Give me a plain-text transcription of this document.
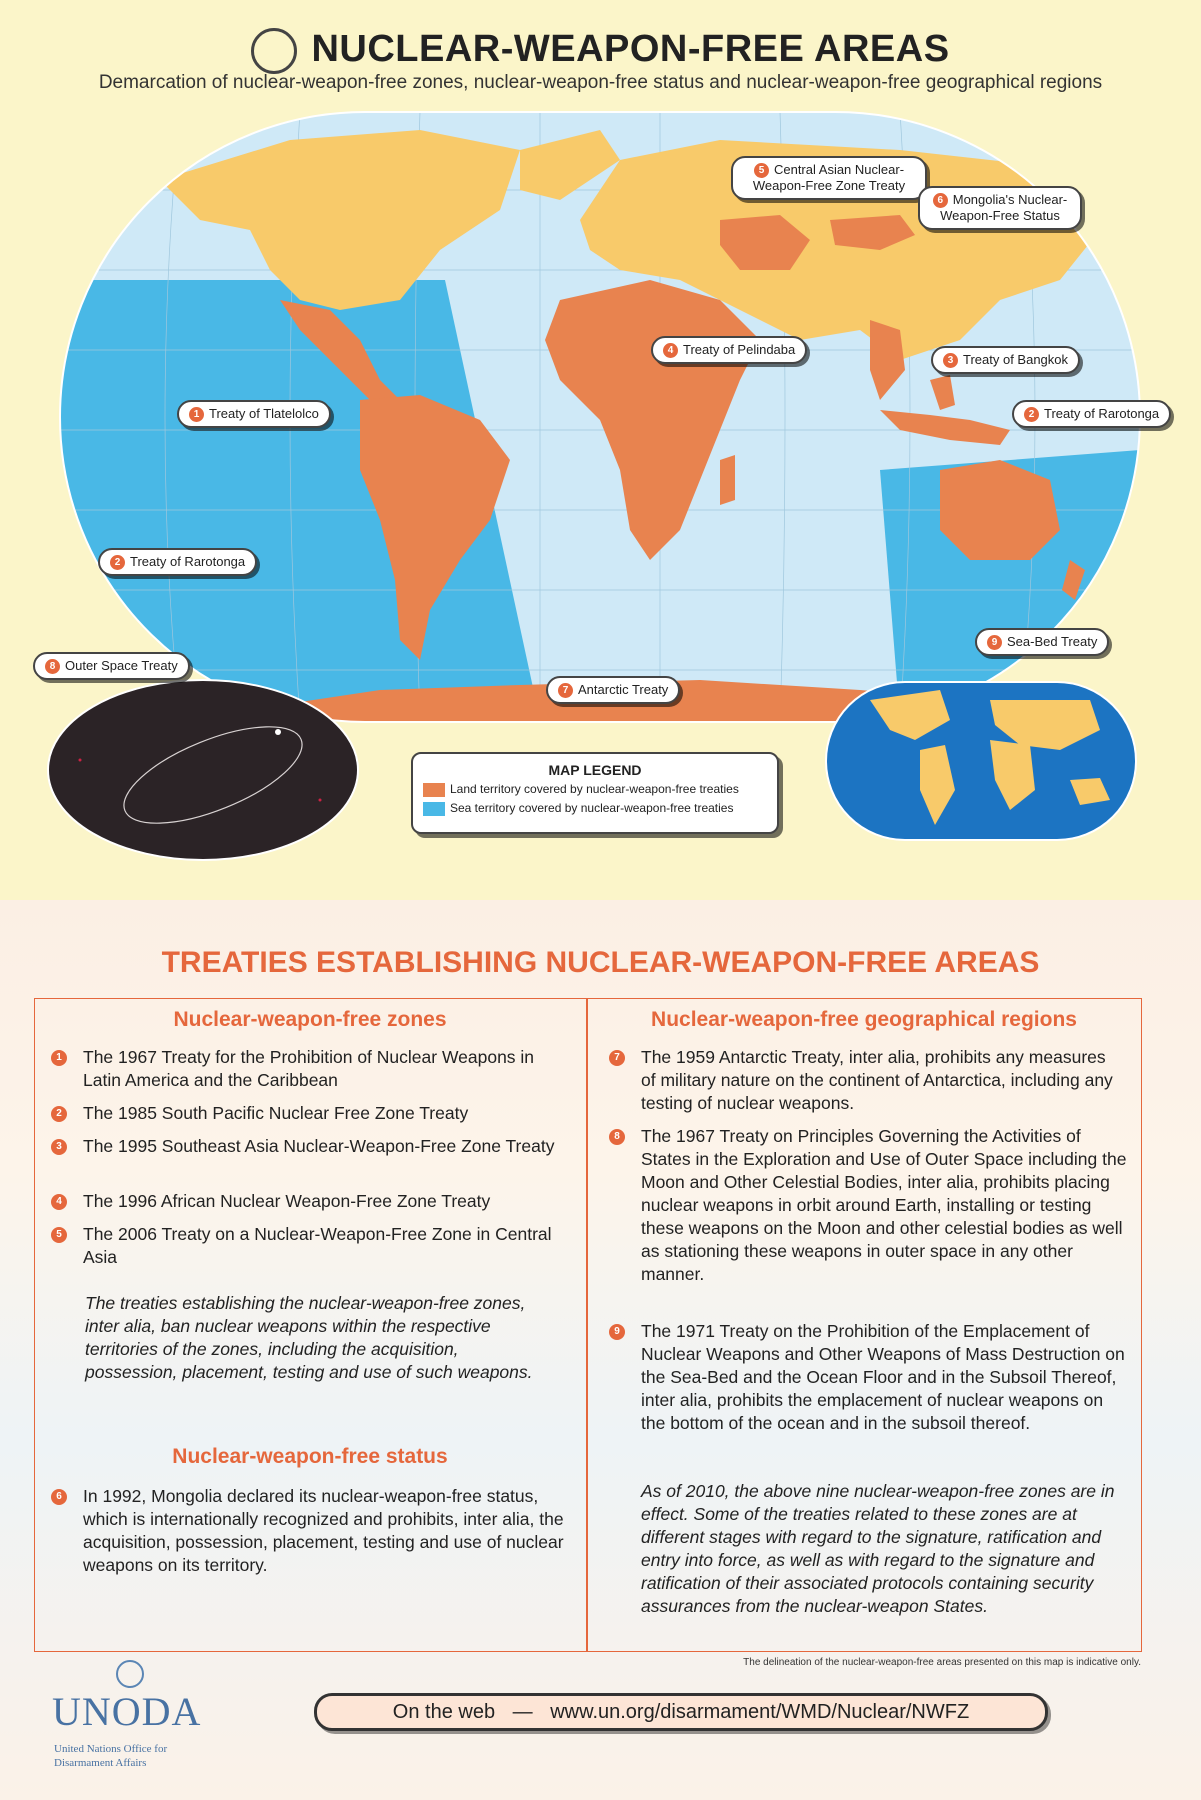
NUCLEAR-WEAPON-FREE AREAS
Demarcation of nuclear-weapon-free zones, nuclear-weapon-free status and nuclear-weapon-free geographical regions
5 Central Asian Nuclear-
Weapon-Free Zone Treaty
6 Mongolia's Nuclear-
Weapon-Free Status
4 Treaty of Pelindaba
3 Treaty of Bangkok
1 Treaty of Tlatelolco	2 Treaty of Rarotonga
2 Treaty of Rarotonga
8 Outer Space Treaty
7 Antarctic Treaty
9 Sea-Bed Treaty
MAP LEGEND
Land territory covered by nuclear-weapon-free treaties
Sea territory covered by nuclear-weapon-free treaties
TREATIES ESTABLISHING NUCLEAR-WEAPON-FREE AREAS
Nuclear-weapon-free zones
1 The 1967 Treaty for the Prohibition of Nuclear Weapons in Latin America and the Caribbean
2 The 1985 South Pacific Nuclear Free Zone Treaty
3 The 1995 Southeast Asia Nuclear-Weapon-Free Zone Treaty
4 The 1996 African Nuclear Weapon-Free Zone Treaty
5 The 2006 Treaty on a Nuclear-Weapon-Free Zone in Central Asia
The treaties establishing the nuclear-weapon-free zones, inter alia, ban nuclear weapons within the respective territories of the zones, including the acquisition, possession, placement, testing and use of such weapons.
Nuclear-weapon-free status
6 In 1992, Mongolia declared its nuclear-weapon-free status, which is internationally recognized and prohibits, inter alia, the acquisition, possession, placement, testing and use of nuclear weapons on its territory.
Nuclear-weapon-free geographical regions
7 The 1959 Antarctic Treaty, inter alia, prohibits any measures of military nature on the continent of Antarctica, including any testing of nuclear weapons.
8 The 1967 Treaty on Principles Governing the Activities of States in the Exploration and Use of Outer Space including the Moon and Other Celestial Bodies, inter alia, prohibits placing nuclear weapons in orbit around Earth, installing or testing these weapons on the Moon and other celestial bodies as well as stationing these weapons in outer space in any other manner.
9 The 1971 Treaty on the Prohibition of the Emplacement of Nuclear Weapons and Other Weapons of Mass Destruction on the Sea-Bed and the Ocean Floor and in the Subsoil Thereof, inter alia, prohibits the emplacement of nuclear weapons on the bottom of the ocean and in the subsoil thereof.
As of 2010, the above nine nuclear-weapon-free zones are in effect. Some of the treaties related to these zones are at different stages with regard to the signature, ratification and entry into force, as well as with regard to the signature and ratification of their associated protocols containing security assurances from the nuclear-weapon States.
The delineation of the nuclear-weapon-free areas presented on this map is indicative only.
UNODA
United Nations Office for
Disarmament Affairs
On the web — www.un.org/disarmament/WMD/Nuclear/NWFZ
